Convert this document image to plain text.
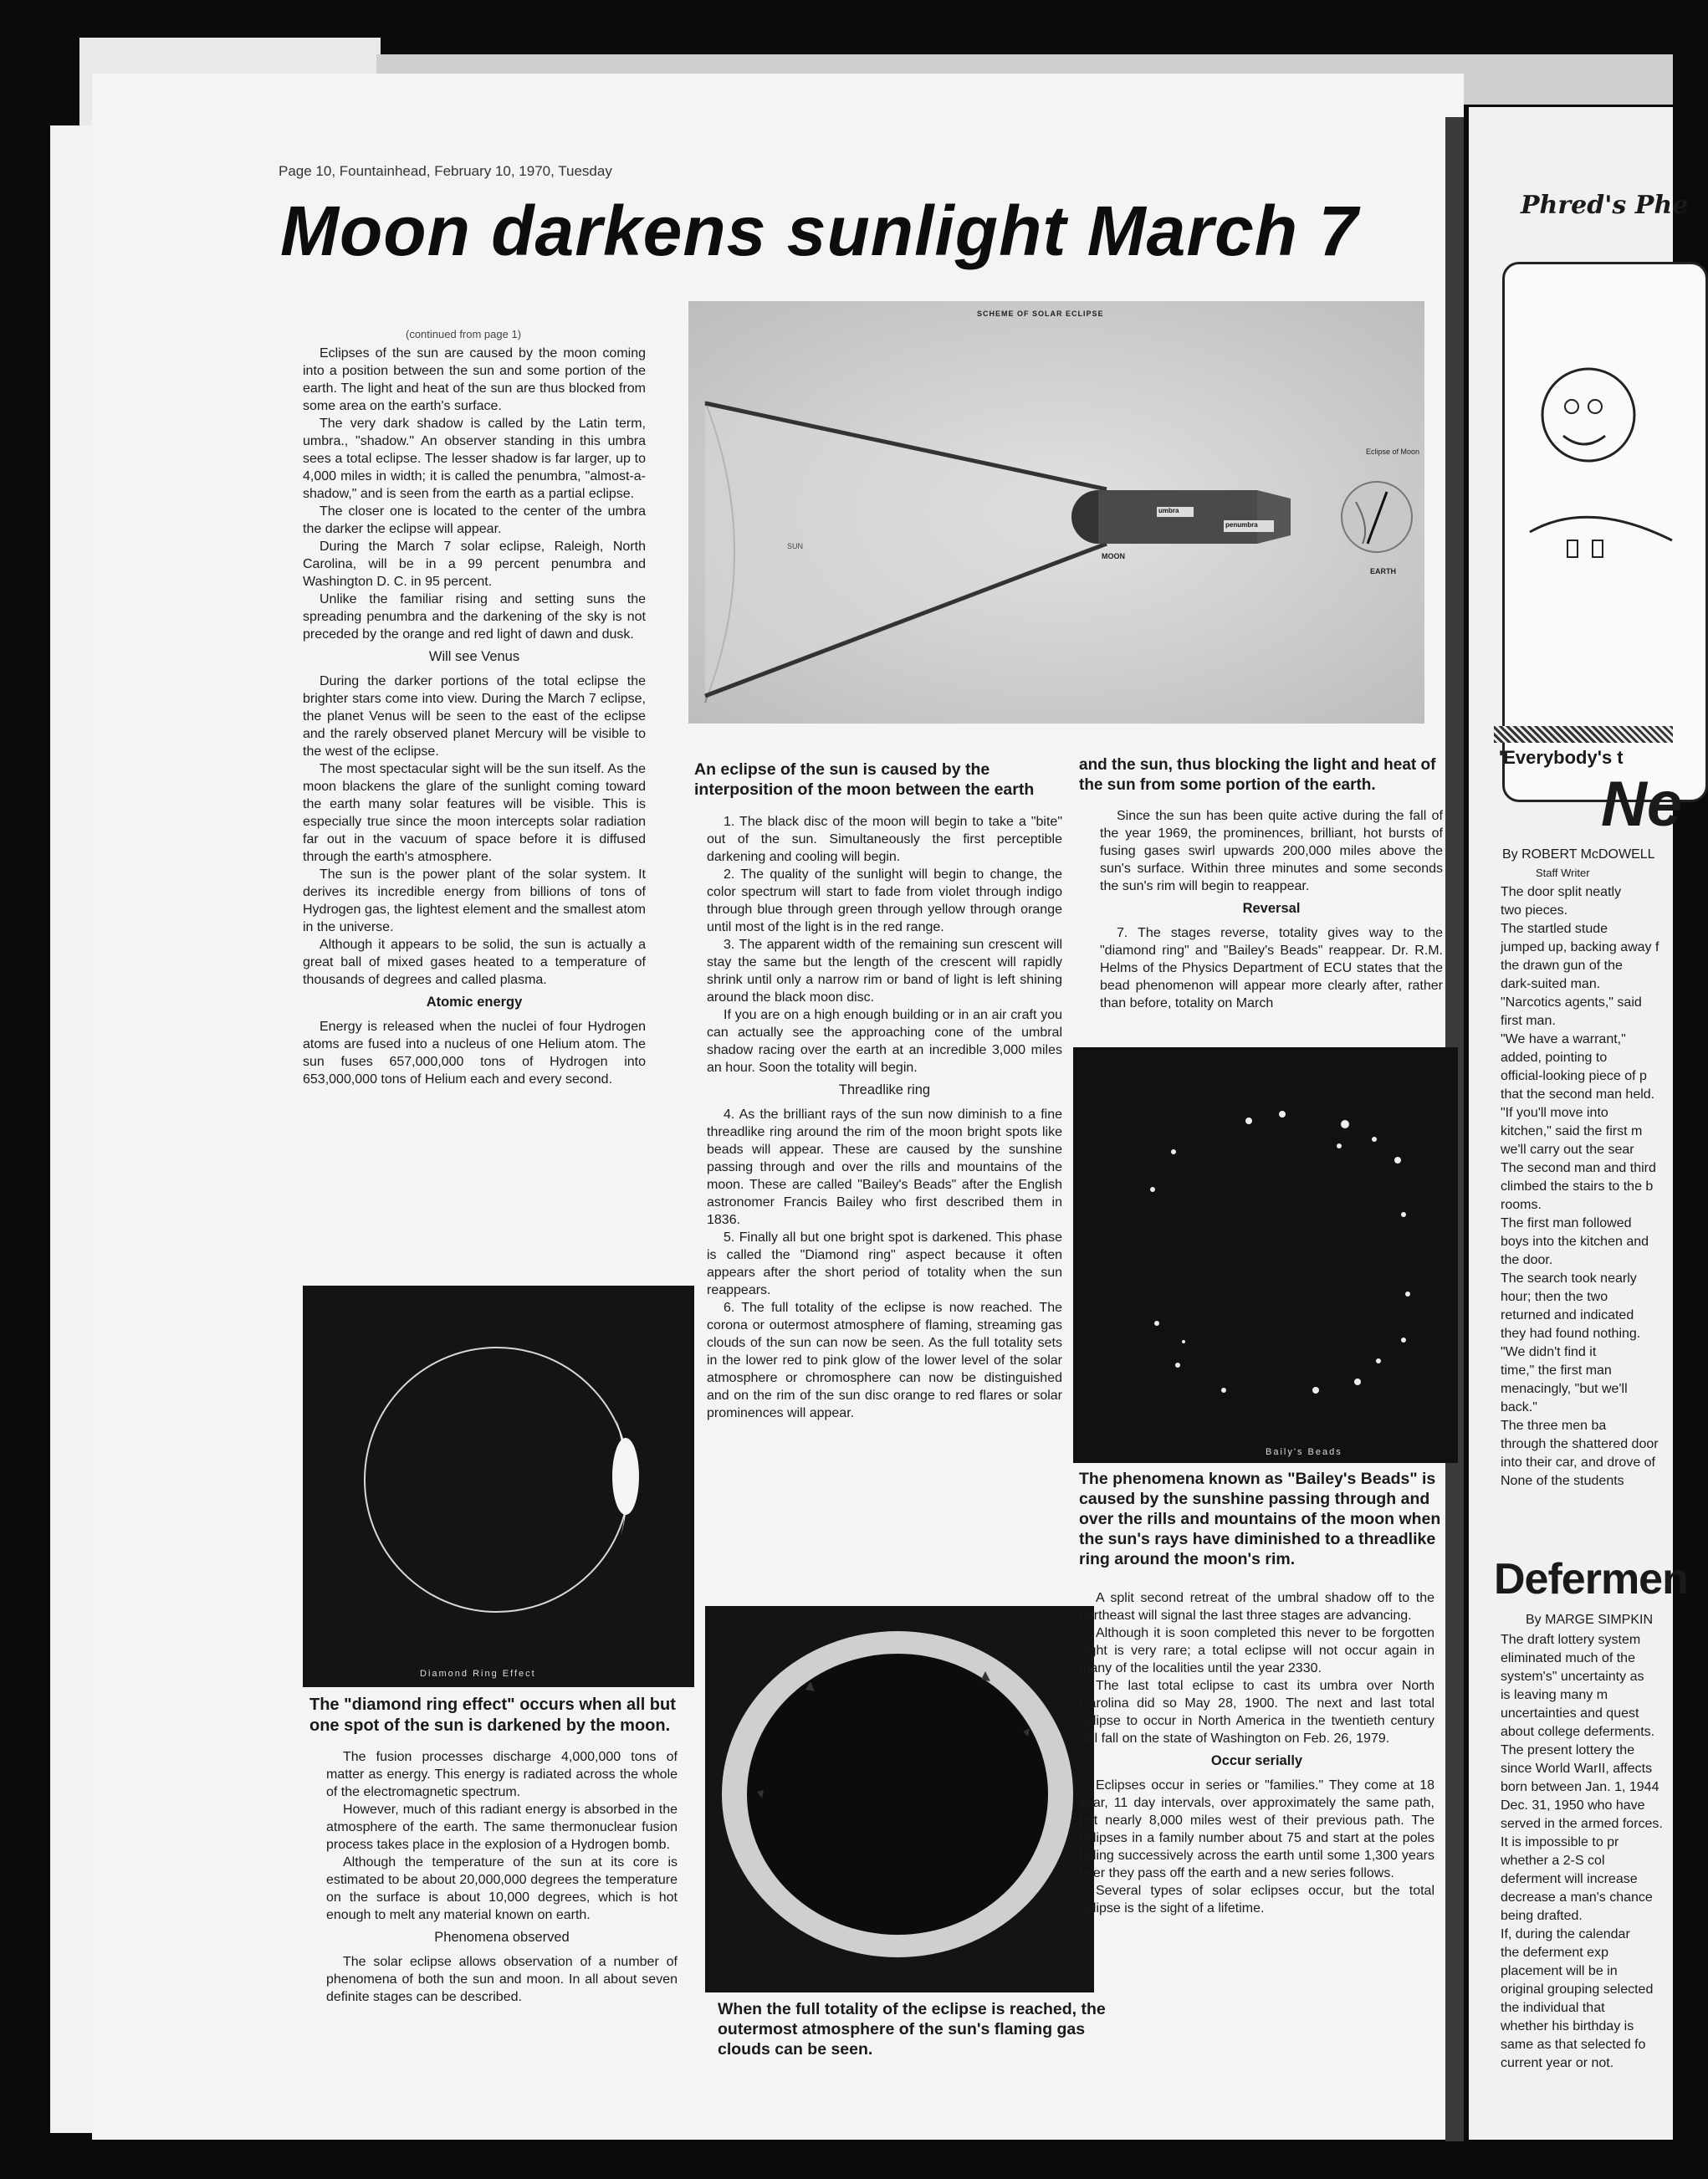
Page 10, Fountainhead, February 10, 1970, Tuesday
Moon darkens sunlight March 7
(continued from page 1)

Eclipses of the sun are caused by the moon coming into a position between the sun and some portion of the earth. The light and heat of the sun are thus blocked from some area on the earth's surface.

The very dark shadow is called by the Latin term, umbra., "shadow." An observer standing in this umbra sees a total eclipse. The lesser shadow is far larger, up to 4,000 miles in width; it is called the penumbra, "almost-a-shadow," and is seen from the earth as a partial eclipse.

The closer one is located to the center of the umbra the darker the eclipse will appear.

During the March 7 solar eclipse, Raleigh, North Carolina, will be in a 99 percent penumbra and Washington D. C. in 95 percent.

Unlike the familiar rising and setting suns the spreading penumbra and the darkening of the sky is not preceded by the orange and red light of dawn and dusk.

Will see Venus

During the darker portions of the total eclipse the brighter stars come into view. During the March 7 eclipse, the planet Venus will be seen to the east of the eclipse and the rarely observed planet Mercury will be visible to the west of the eclipse.

The most spectacular sight will be the sun itself. As the moon blackens the glare of the sunlight coming toward the earth many solar features will be visible. This is especially true since the moon intercepts solar radiation far out in the vacuum of space before it is diffused through the earth's atmosphere.

The sun is the power plant of the solar system. It derives its incredible energy from billions of tons of Hydrogen gas, the lightest element and the smallest atom in the universe.

Although it appears to be solid, the sun is actually a great ball of mixed gases heated to a temperature of thousands of degrees and called plasma.

Atomic energy

Energy is released when the nuclei of four Hydrogen atoms are fused into a nucleus of one Helium atom. The sun fuses 657,000,000 tons of Hydrogen into 653,000,000 tons of Helium each and every second.

Diamond Ring Effect
The "diamond ring effect" occurs when all but one spot of the sun is darkened by the moon.

The fusion processes discharge 4,000,000 tons of matter as energy. This energy is radiated across the whole of the electromagnetic spectrum.

However, much of this radiant energy is absorbed in the atmosphere of the earth. The same thermonuclear fusion process takes place in the explosion of a Hydrogen bomb.

Although the temperature of the sun at its core is estimated to be about 20,000,000 degrees the temperature on the surface is about 10,000 degrees, which is hot enough to melt any material known on earth.

Phenomena observed

The solar eclipse allows observation of a number of phenomena of both the sun and moon. In all about seven definite stages can be described.

SCHEME OF SOLAR ECLIPSE
SUN
MOON
EARTH
Eclipse of Moon
umbra
penumbra
An eclipse of the sun is caused by the interposition of the moon between the earth

1. The black disc of the moon will begin to take a "bite" out of the sun. Simultaneously the first perceptible darkening and cooling will begin.

2. The quality of the sunlight will begin to change, the color spectrum will start to fade from violet through indigo through blue through green through yellow through orange until most of the light is in the red range.

3. The apparent width of the remaining sun crescent will stay the same but the length of the crescent will rapidly shrink until only a narrow rim or band of light is left shining around the black moon disc.

If you are on a high enough building or in an air craft you can actually see the approaching cone of the umbral shadow racing over the earth at an incredible 3,000 miles an hour. Soon the totality will begin.

Threadlike ring

4. As the brilliant rays of the sun now diminish to a fine threadlike ring around the rim of the moon bright spots like beads will appear. These are caused by the sunshine passing through and over the rills and mountains of the moon. These are called "Bailey's Beads" after the English astronomer Francis Bailey who first described them in 1836.

5. Finally all but one bright spot is darkened. This phase is called the "Diamond ring" aspect because it often appears after the short period of totality when the sun reappears.

6. The full totality of the eclipse is now reached. The corona or outermost atmosphere of flaming, streaming gas clouds of the sun can now be seen. As the full totality sets in the lower red to pink glow of the lower level of the solar atmosphere or chromosphere can now be distinguished and on the rim of the sun disc orange to red flares or solar prominences will appear.

When the full totality of the eclipse is reached, the outermost atmosphere of the sun's flaming gas clouds can be seen.
and the sun, thus blocking the light and heat of the sun from some portion of the earth.

Since the sun has been quite active during the fall of the year 1969, the prominences, brilliant, hot bursts of fusing gases swirl upwards 200,000 miles above the sun's surface. Within three minutes and some seconds the sun's rim will begin to reappear.

Reversal

7. The stages reverse, totality gives way to the "diamond ring" and "Bailey's Beads" reappear. Dr. R.M. Helms of the Physics Department of ECU states that the bead phenomenon will appear more clearly after, rather than before, totality on March

Baily's Beads
The phenomena known as "Bailey's Beads" is caused by the sunshine passing through and over the rills and mountains of the moon when the sun's rays have diminished to a threadlike ring around the moon's rim.

A split second retreat of the umbral shadow off to the northeast will signal the last three stages are advancing.

Although it is soon completed this never to be forgotten sight is very rare; a total eclipse will not occur again in many of the localities until the year 2330.

The last total eclipse to cast its umbra over North Carolina did so May 28, 1900. The next and last total eclipse to occur in North America in the twentieth century will fall on the state of Washington on Feb. 26, 1979.

Occur serially

Eclipses occur in series or "families." They come at 18 year, 11 day intervals, over approximately the same path, but nearly 8,000 miles west of their previous path. The eclipses in a family number about 75 and start at the poles falling successively across the earth until some 1,300 years later they pass off the earth and a new series follows.

Several types of solar eclipses occur, but the total eclipse is the sight of a lifetime.

Phred's Phe
'Everybody's t
Ne
By ROBERT McDOWELL
Staff Writer
The door split neatly
two pieces.
The startled stude
jumped up, backing away f
the drawn gun of the
dark-suited man.
"Narcotics agents," said
first man.
"We have a warrant,"
added, pointing to
official-looking piece of p
that the second man held.
"If you'll move into
kitchen," said the first m
we'll carry out the sear
The second man and third
climbed the stairs to the b
rooms.
The first man followed
boys into the kitchen and
the door.
The search took nearly
hour; then the two
returned and indicated
they had found nothing.
"We didn't find it
time," the first man
menacingly, "but we'll
back."
The three men ba
through the shattered door
into their car, and drove of
None of the students
Defermen
By MARGE SIMPKIN
The draft lottery system
eliminated much of the
system's" uncertainty as
is leaving many m
uncertainties and quest
about college deferments.
The present lottery the
since World WarII, affects
born between Jan. 1, 1944
Dec. 31, 1950 who have
served in the armed forces.
It is impossible to pr
whether a 2-S col
deferment will increase
decrease a man's chance
being drafted.
If, during the calendar
the deferment exp
placement will be in
original grouping selected
the individual that
whether his birthday is
same as that selected fo
current year or not.
